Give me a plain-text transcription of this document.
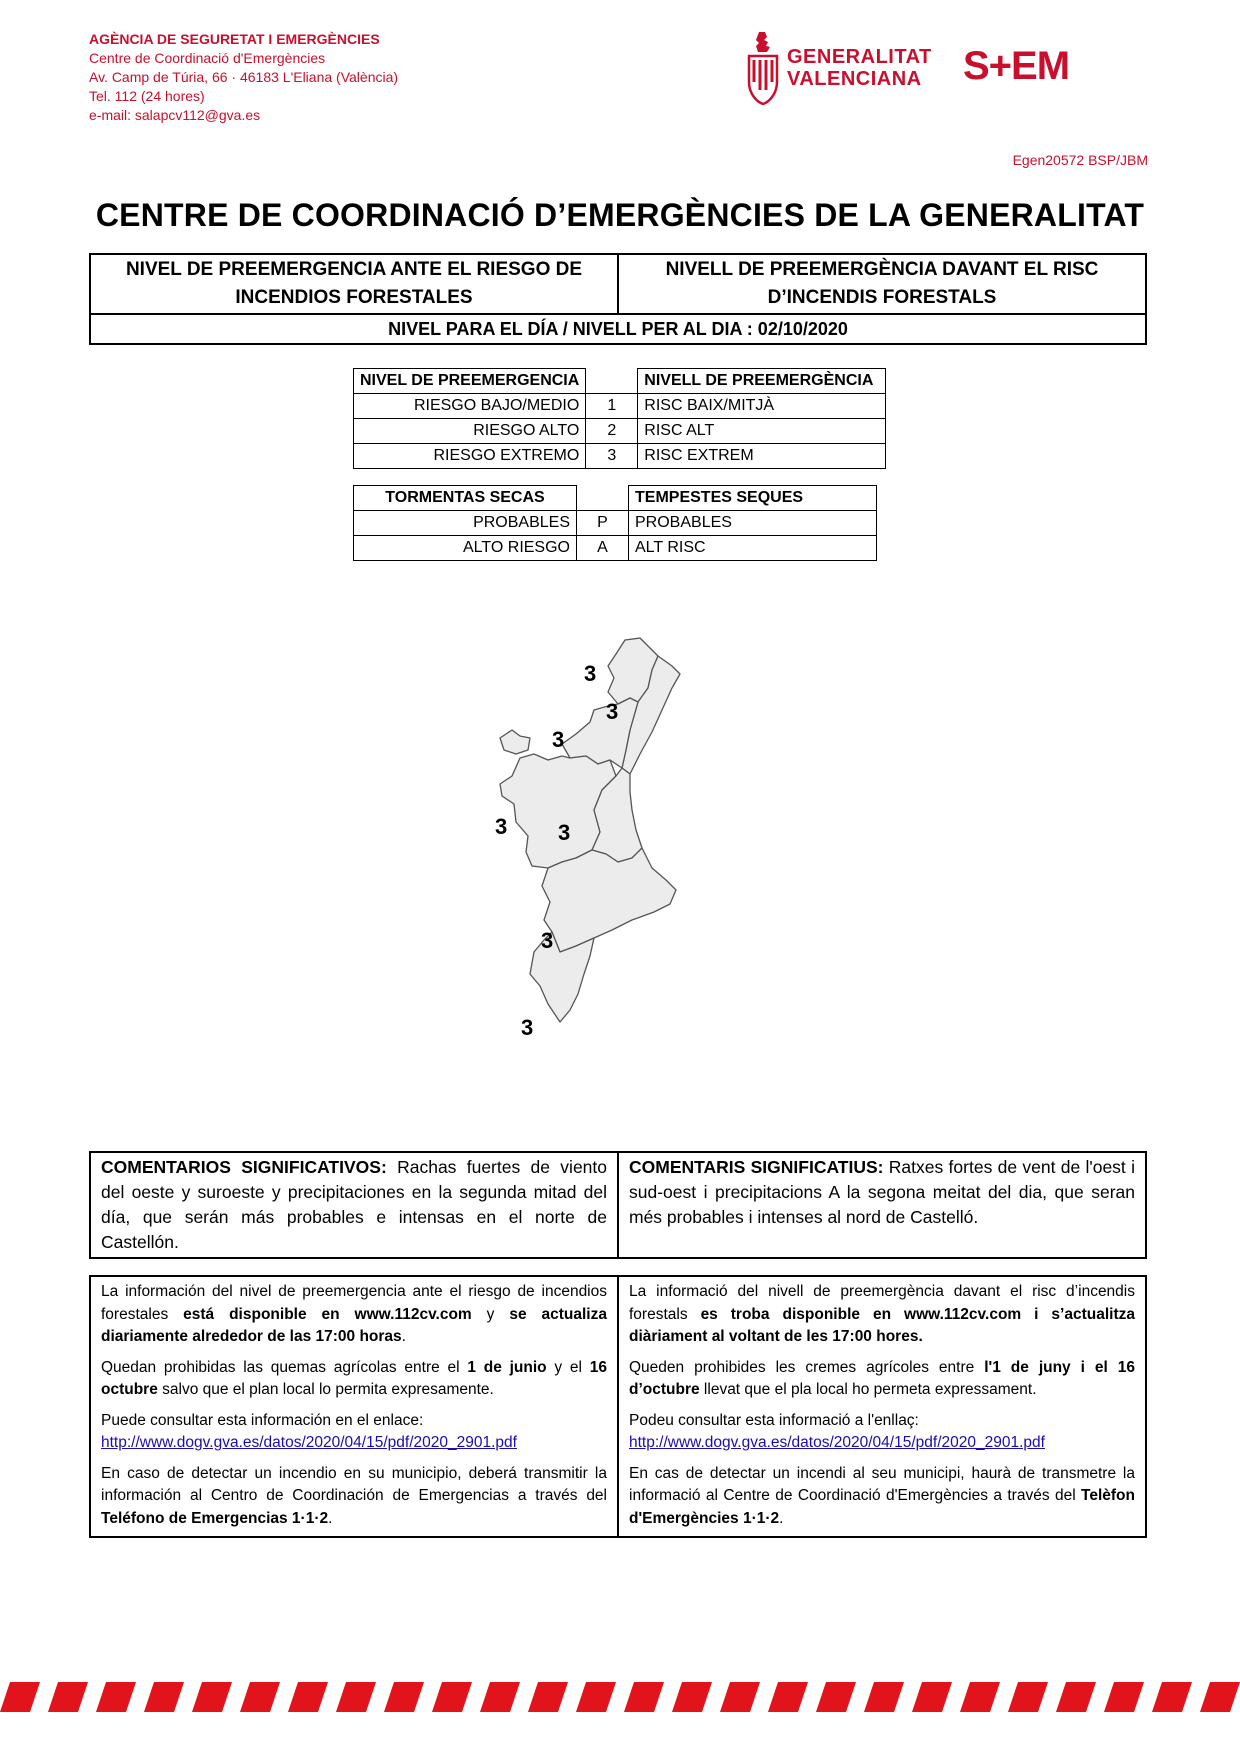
AGÈNCIA DE SEGURETAT I EMERGÈNCIES
Centre de Coordinació d'Emergències
Av. Camp de Túria, 66 · 46183 L'Eliana (València)
Tel. 112 (24 hores)
e-mail: salapcv112@gva.es
GENERALITAT
VALENCIANA S+EM
Egen20572 BSP/JBM
CENTRE DE COORDINACIÓ D’EMERGÈNCIES DE LA GENERALITAT
NIVEL DE PREEMERGENCIA ANTE EL RIESGO DE
INCENDIOS FORESTALES

NIVELL DE PREEMERGÈNCIA DAVANT EL RISC
D’INCENDIS FORESTALS

NIVEL PARA EL DÍA / NIVELL PER AL DIA : 02/10/2020
NIVEL DE PREEMERGENCIA		NIVELL DE PREEMERGÈNCIA
RIESGO BAJO/MEDIO	1	RISC BAIX/MITJÀ
RIESGO ALTO	2	RISC ALT
RIESGO EXTREMO	3	RISC EXTREM
TORMENTAS SECAS		TEMPESTES SEQUES
PROBABLES	P	PROBABLES
ALTO RIESGO	A	ALT RISC
3
3
3
3 3
3
3
COMENTARIOS SIGNIFICATIVOS: Rachas fuertes de viento del oeste y suroeste y precipitaciones en la segunda mitad del día, que serán más probables e intensas en el norte de Castellón.	COMENTARIS SIGNIFICATIUS: Ratxes fortes de vent de l'oest i sud-oest i precipitacions A la segona meitat del dia, que seran més probables i intenses al nord de Castelló.

La información del nivel de preemergencia ante el riesgo de incendios forestales está disponible en www.112cv.com y se actualiza diariamente alrededor de las 17:00 horas.

Quedan prohibidas las quemas agrícolas entre el 1 de junio y el 16 octubre salvo que el plan local lo permita expresamente.

Puede consultar esta información en el enlace:
http://www.dogv.gva.es/datos/2020/04/15/pdf/2020_2901.pdf

En caso de detectar un incendio en su municipio, deberá transmitir la información al Centro de Coordinación de Emergencias a través del Teléfono de Emergencias 1·1·2.

La informació del nivell de preemergència davant el risc d’incendis forestals es troba disponible en www.112cv.com i s’actualitza diàriament al voltant de les 17:00 hores.

Queden prohibides les cremes agrícoles entre l'1 de juny i el 16 d’octubre llevat que el pla local ho permeta expressament.

Podeu consultar esta informació a l'enllaç:
http://www.dogv.gva.es/datos/2020/04/15/pdf/2020_2901.pdf

En cas de detectar un incendi al seu municipi, haurà de transmetre la informació al Centre de Coordinació d'Emergències a través del Telèfon d'Emergències 1·1·2.
